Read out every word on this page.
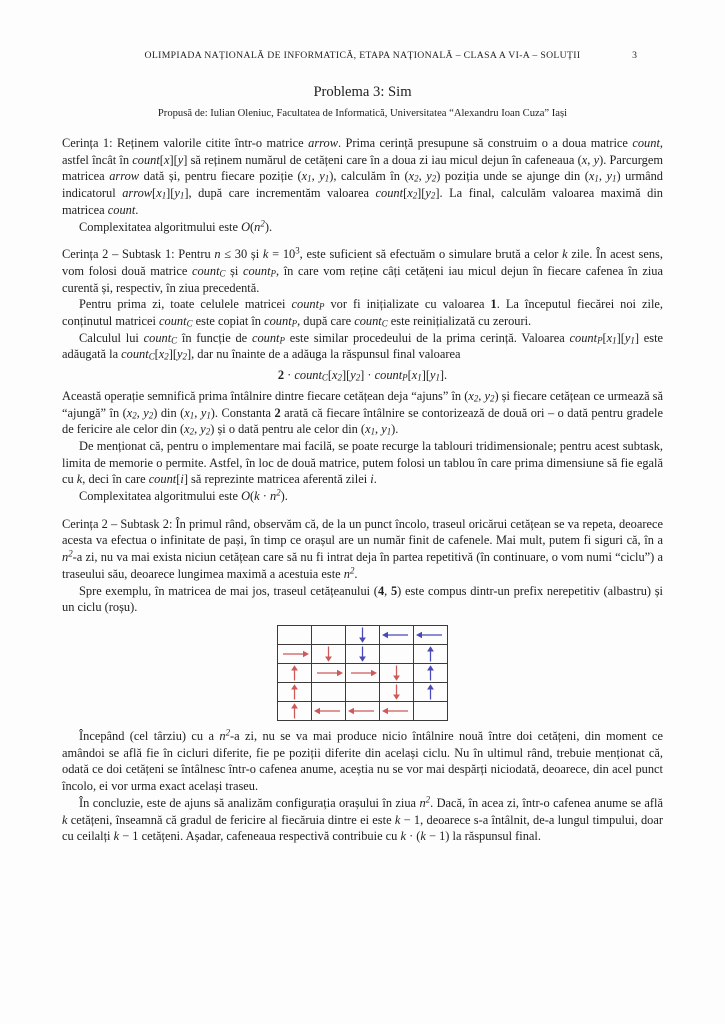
OLIMPIADA NAȚIONALĂ DE INFORMATICĂ, ETAPA NAȚIONALĂ – CLASA A VI-A – SOLUȚII	3
Problema 3: Sim
Propusă de: Iulian Oleniuc, Facultatea de Informatică, Universitatea “Alexandru Ioan Cuza” Iași

Cerința 1: Reținem valorile citite într-o matrice arrow. Prima cerință presupune să construim o a doua matrice count, astfel încât în count[x][y] să reținem numărul de cetățeni care în a doua zi iau micul dejun în cafeneaua (x, y). Parcurgem matricea arrow dată și, pentru fiecare poziție ($x_1$, $y_1$), calculăm în ($x_2$, $y_2$) poziția unde se ajunge din ($x_1$, $y_1$) urmând indicatorul $arrow[x_1][y_1]$, după care incrementăm valoarea $count[x_2][y_2]$. La final, calculăm valoarea maximă din matricea count.

Complexitatea algoritmului este $O(n^2)$.

Cerința 2 – Subtask 1: Pentru n ≤ 30 și $k = 10^3$, este suficient să efectuăm o simulare brută a celor k zile. În acest sens, vom folosi două matrice count$_C$ și count$_P$, în care vom reține câți cetățeni iau micul dejun în fiecare cafenea în ziua curentă și, respectiv, în ziua precedentă.

Pentru prima zi, toate celulele matricei count$_P$ vor fi inițializate cu valoarea 1. La începutul fiecărei noi zile, conținutul matricei count$_C$ este copiat în count$_P$, după care count$_C$ este reinițializată cu zerouri.

Calculul lui count$_C$ în funcție de count$_P$ este similar procedeului de la prima cerință. Valoarea $count_P[x_1][y_1]$ este adăugată la $count_C[x_2][y_2]$, dar nu înainte de a adăuga la răspunsul final valoarea

$2 \cdot count_C[x_2][y_2]$ · $count_P[x_1][y_1]$.

Această operație semnifică prima întâlnire dintre fiecare cetățean deja “ajuns” în ($x_2$, $y_2$) și fiecare cetățean ce urmează să “ajungă” în ($x_2$, $y_2$) din ($x_1$, $y_1$). Constanta 2 arată că fiecare întâlnire se contorizează de două ori – o dată pentru gradele de fericire ale celor din ($x_2$, $y_2$) și o dată pentru ale celor din ($x_1$, $y_1$).

De menționat că, pentru o implementare mai facilă, se poate recurge la tablouri tridimensionale; pentru acest subtask, limita de memorie o permite. Astfel, în loc de două matrice, putem folosi un tablou în care prima dimensiune să fie egală cu k, deci în care count[i] să reprezinte matricea aferentă zilei i.

Complexitatea algoritmului este $O(k \cdot n^2)$.

Cerința 2 – Subtask 2: În primul rând, observăm că, de la un punct încolo, traseul oricărui cetățean se va repeta, deoarece acesta va efectua o infinitate de pași, în timp ce orașul are un număr finit de cafenele. Mai mult, putem fi siguri că, în a $n^2-a$ zi, nu va mai exista niciun cetățean care să nu fi intrat deja în partea repetitivă (în continuare, o vom numi “ciclu”) a traseului său, deoarece lungimea maximă a acestuia este $n^2$.

Spre exemplu, în matricea de mai jos, traseul cetățeanului (4, 5) este compus dintr-un prefix nerepetitiv (albastru) și un ciclu (roșu).

Începând (cel târziu) cu a $n^2-a$ zi, nu se va mai produce nicio întâlnire nouă între doi cetățeni, din moment ce amândoi se află fie în cicluri diferite, fie pe poziții diferite din același ciclu. Nu în ultimul rând, trebuie menționat că, odată ce doi cetățeni se întâlnesc într-o cafenea anume, aceștia nu se vor mai despărți niciodată, deoarece, din acel punct încolo, ei vor urma exact același traseu.

În concluzie, este de ajuns să analizăm configurația orașului în ziua $n^2$. Dacă, în acea zi, într-o cafenea anume se află k cetățeni, înseamnă că gradul de fericire al fiecăruia dintre ei este k − 1, deoarece s-a întâlnit, de-a lungul timpului, doar cu ceilalți k − 1 cetățeni. Așadar, cafeneaua respectivă contribuie cu k · (k − 1) la răspunsul final.
